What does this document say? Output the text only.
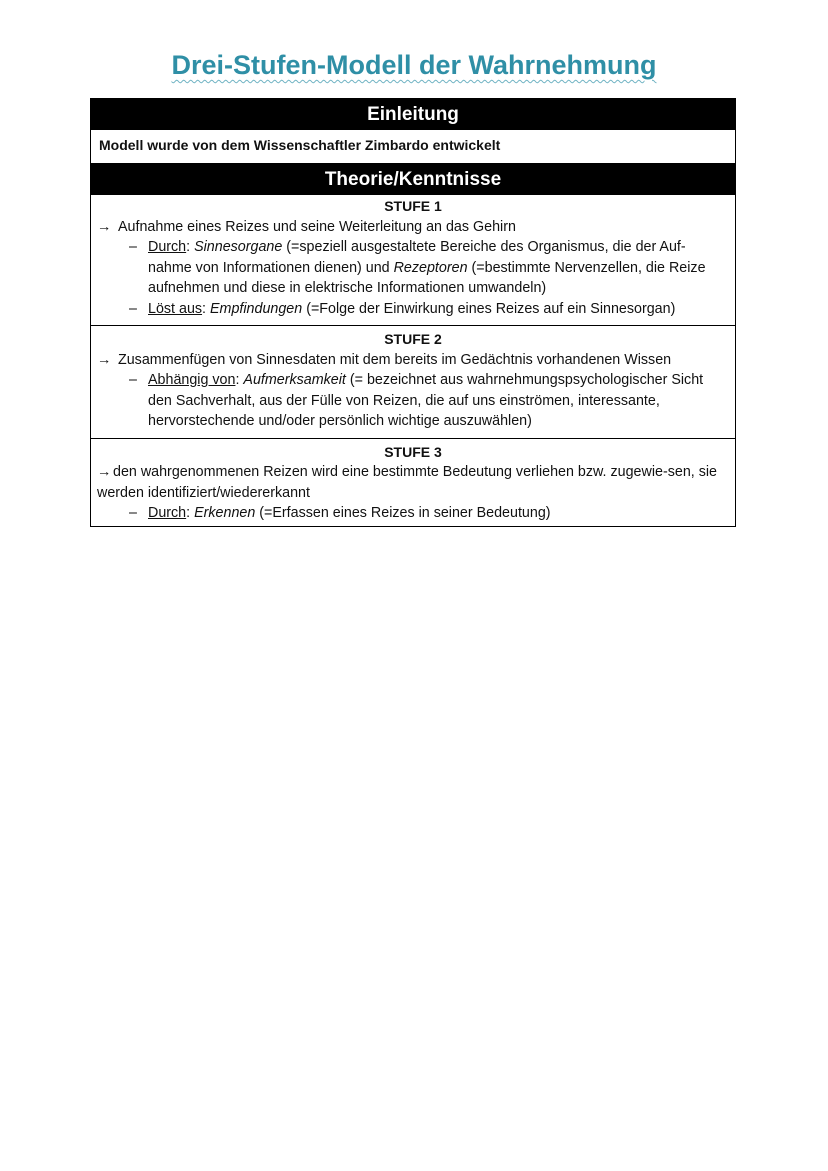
Drei-Stufen-Modell der Wahrnehmung
Einleitung
Modell wurde von dem Wissenschaftler Zimbardo entwickelt
Theorie/Kenntnisse
STUFE 1
→ Aufnahme eines Reizes und seine Weiterleitung an das Gehirn
– Durch: Sinnesorgane (=speziell ausgestaltete Bereiche des Organismus, die der Auf-nahme von Informationen dienen) und Rezeptoren (=bestimmte Nervenzellen, die Reize aufnehmen und diese in elektrische Informationen umwandeln)
– Löst aus: Empfindungen (=Folge der Einwirkung eines Reizes auf ein Sinnesorgan)
STUFE 2
→ Zusammenfügen von Sinnesdaten mit dem bereits im Gedächtnis vorhandenen Wissen
– Abhängig von: Aufmerksamkeit (= bezeichnet aus wahrnehmungspsychologischer Sicht den Sachverhalt, aus der Fülle von Reizen, die auf uns einströmen, interessante, hervorstechende und/oder persönlich wichtige auszuwählen)
STUFE 3
→ den wahrgenommenen Reizen wird eine bestimmte Bedeutung verliehen bzw. zugewie-sen, sie werden identifiziert/wiedererkannt
– Durch: Erkennen (=Erfassen eines Reizes in seiner Bedeutung)
